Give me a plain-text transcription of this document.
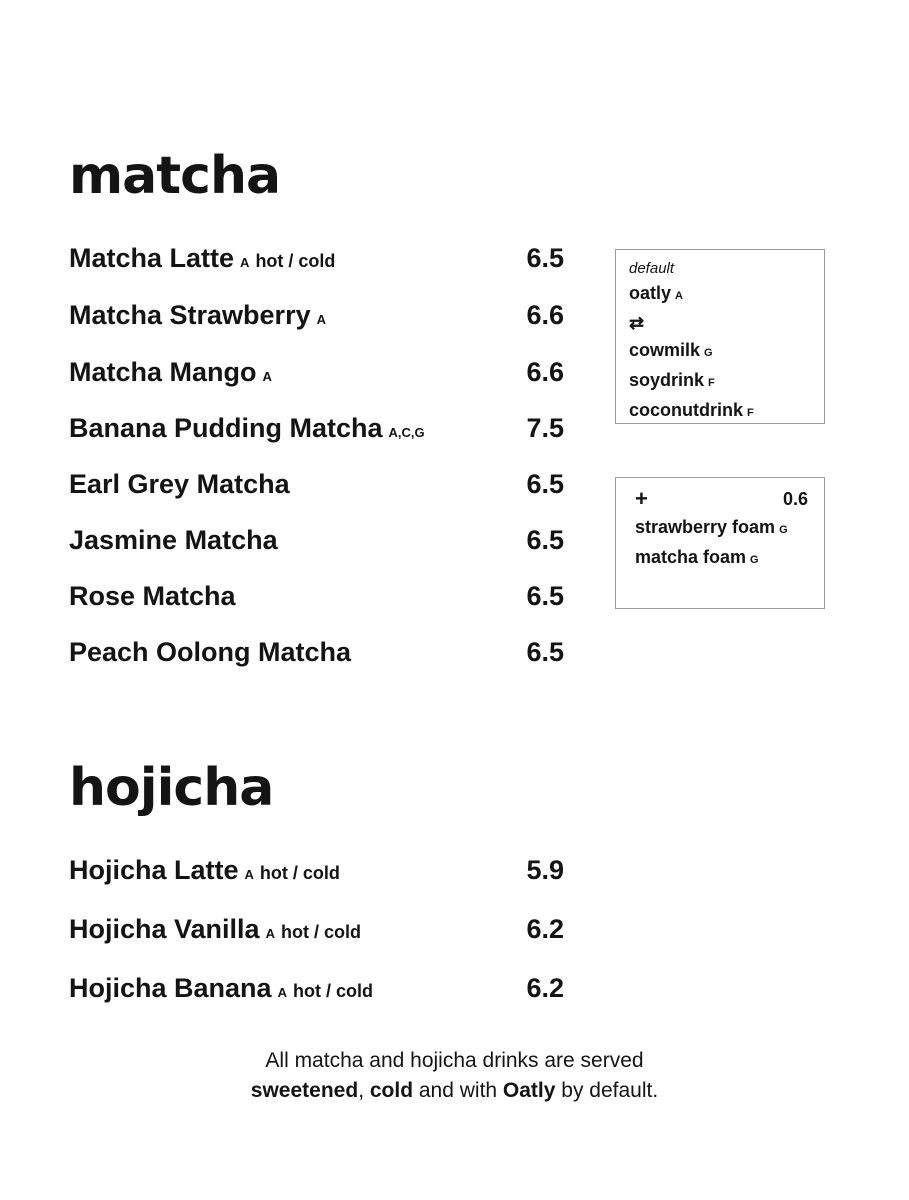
matcha
Matcha Latte A hot / cold	6.5
Matcha Strawberry A	6.6
Matcha Mango A	6.6
Banana Pudding Matcha A,C,G	7.5
Earl Grey Matcha	6.5
Jasmine Matcha	6.5
Rose Matcha	6.5
Peach Oolong Matcha	6.5
default
oatly A
⇄
cowmilk G
soydrink F
coconutdrink F
+	0.6
strawberry foam G
matcha foam G
hojicha
Hojicha Latte A hot / cold	5.9
Hojicha Vanilla A hot / cold	6.2
Hojicha Banana A hot / cold	6.2
All matcha and hojicha drinks are served
sweetened, cold and with Oatly by default.
